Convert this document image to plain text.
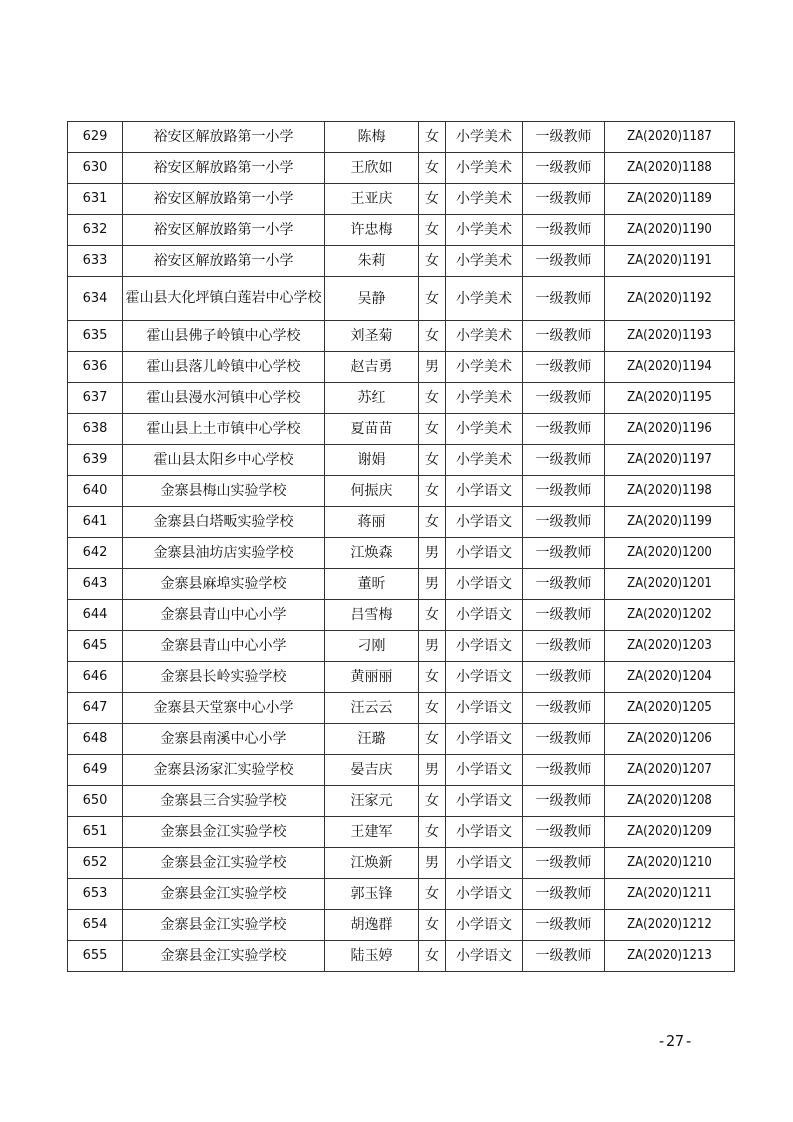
629	裕安区解放路第一小学	陈梅	女	小学美术	一级教师	ZA(2020)1187
630	裕安区解放路第一小学	王欣如	女	小学美术	一级教师	ZA(2020)1188
631	裕安区解放路第一小学	王亚庆	女	小学美术	一级教师	ZA(2020)1189
632	裕安区解放路第一小学	许忠梅	女	小学美术	一级教师	ZA(2020)1190
633	裕安区解放路第一小学	朱莉	女	小学美术	一级教师	ZA(2020)1191
634	霍山县大化坪镇白莲岩中心学校	吴静	女	小学美术	一级教师	ZA(2020)1192
635	霍山县佛子岭镇中心学校	刘圣菊	女	小学美术	一级教师	ZA(2020)1193
636	霍山县落儿岭镇中心学校	赵吉勇	男	小学美术	一级教师	ZA(2020)1194
637	霍山县漫水河镇中心学校	苏红	女	小学美术	一级教师	ZA(2020)1195
638	霍山县上土市镇中心学校	夏苗苗	女	小学美术	一级教师	ZA(2020)1196
639	霍山县太阳乡中心学校	谢娟	女	小学美术	一级教师	ZA(2020)1197
640	金寨县梅山实验学校	何振庆	女	小学语文	一级教师	ZA(2020)1198
641	金寨县白塔畈实验学校	蒋丽	女	小学语文	一级教师	ZA(2020)1199
642	金寨县油坊店实验学校	江焕森	男	小学语文	一级教师	ZA(2020)1200
643	金寨县麻埠实验学校	董昕	男	小学语文	一级教师	ZA(2020)1201
644	金寨县青山中心小学	吕雪梅	女	小学语文	一级教师	ZA(2020)1202
645	金寨县青山中心小学	刁刚	男	小学语文	一级教师	ZA(2020)1203
646	金寨县长岭实验学校	黄丽丽	女	小学语文	一级教师	ZA(2020)1204
647	金寨县天堂寨中心小学	汪云云	女	小学语文	一级教师	ZA(2020)1205
648	金寨县南溪中心小学	汪璐	女	小学语文	一级教师	ZA(2020)1206
649	金寨县汤家汇实验学校	晏吉庆	男	小学语文	一级教师	ZA(2020)1207
650	金寨县三合实验学校	汪家元	女	小学语文	一级教师	ZA(2020)1208
651	金寨县金江实验学校	王建军	女	小学语文	一级教师	ZA(2020)1209
652	金寨县金江实验学校	江焕新	男	小学语文	一级教师	ZA(2020)1210
653	金寨县金江实验学校	郭玉锋	女	小学语文	一级教师	ZA(2020)1211
654	金寨县金江实验学校	胡逸群	女	小学语文	一级教师	ZA(2020)1212
655	金寨县金江实验学校	陆玉婷	女	小学语文	一级教师	ZA(2020)1213
-27-
